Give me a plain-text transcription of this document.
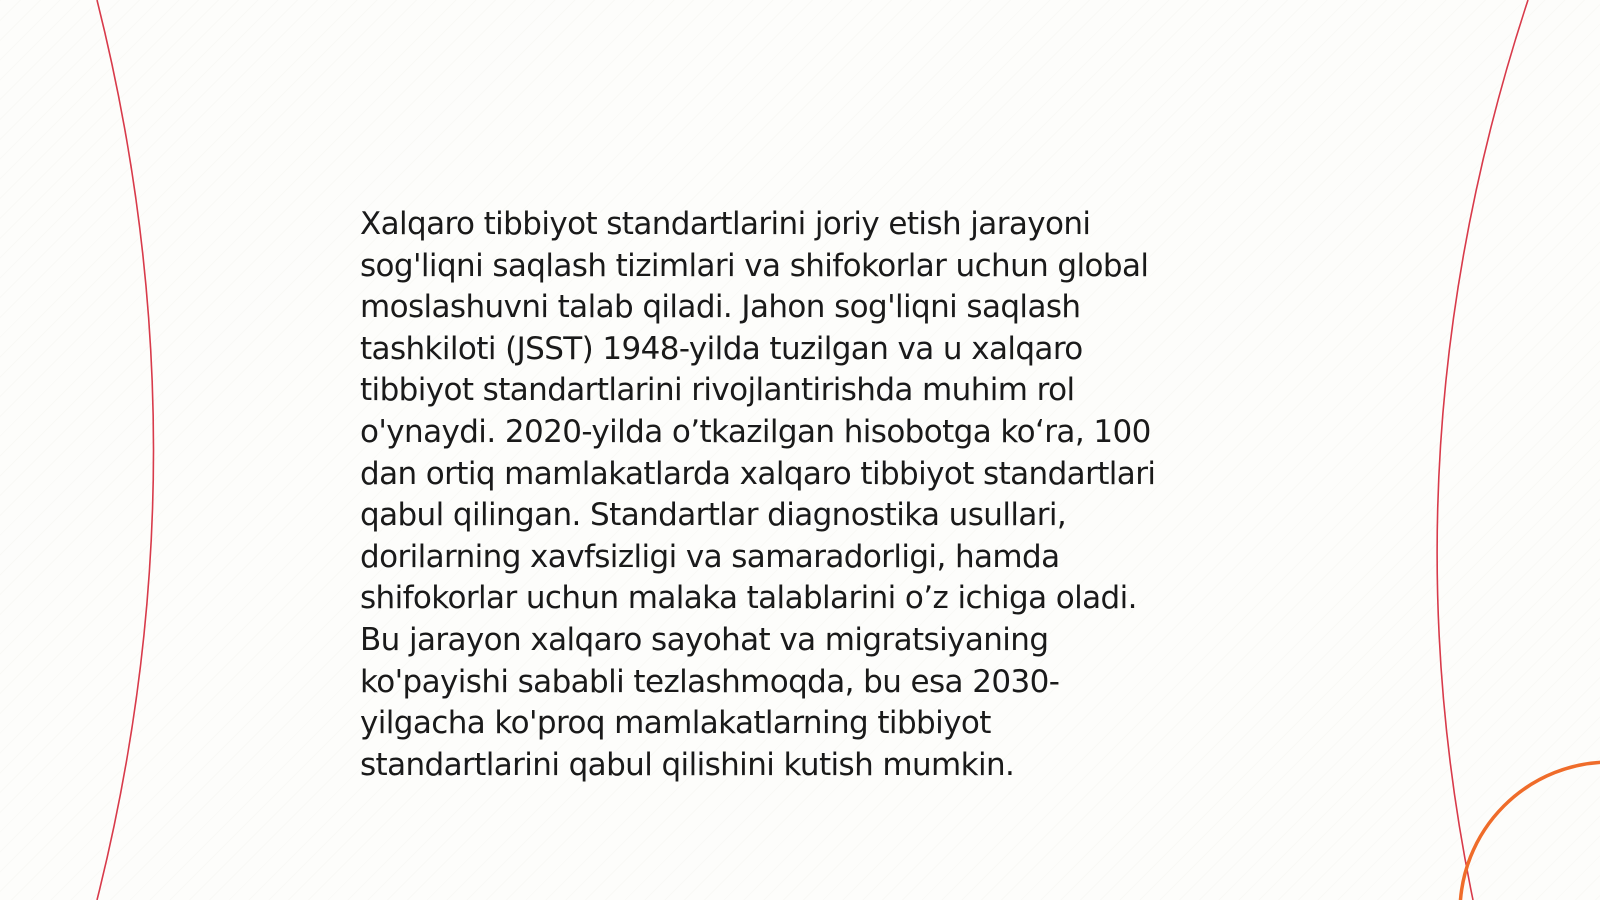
Xalqaro tibbiyot standartlarini joriy etish jarayoni
sog'liqni saqlash tizimlari va shifokorlar uchun global
moslashuvni talab qiladi. Jahon sog'liqni saqlash
tashkiloti (JSST) 1948-yilda tuzilgan va u xalqaro
tibbiyot standartlarini rivojlantirishda muhim rol
o'ynaydi. 2020-yilda o’tkazilgan hisobotga ko‘ra, 100
dan ortiq mamlakatlarda xalqaro tibbiyot standartlari
qabul qilingan. Standartlar diagnostika usullari,
dorilarning xavfsizligi va samaradorligi, hamda
shifokorlar uchun malaka talablarini o’z ichiga oladi.
Bu jarayon xalqaro sayohat va migratsiyaning
ko'payishi sababli tezlashmoqda, bu esa 2030-
yilgacha ko'proq mamlakatlarning tibbiyot
standartlarini qabul qilishini kutish mumkin.
